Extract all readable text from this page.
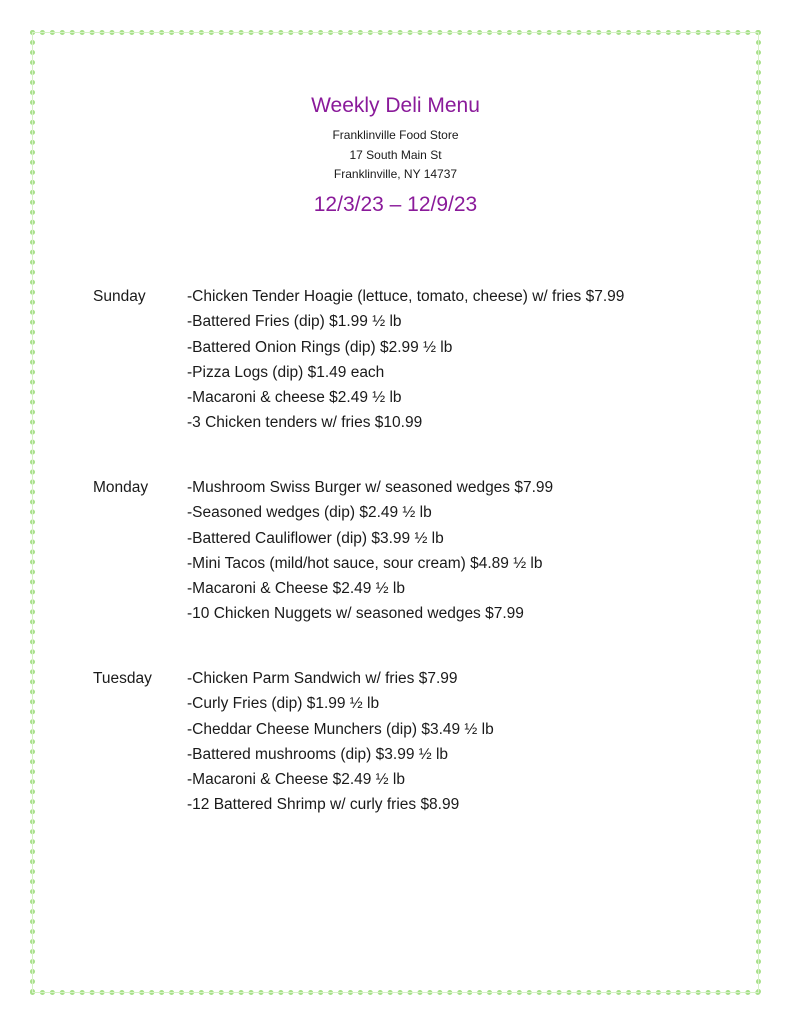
Weekly Deli Menu
Franklinville Food Store
17 South Main St
Franklinville, NY 14737
12/3/23 – 12/9/23
Sunday	-Chicken Tender Hoagie (lettuce, tomato, cheese) w/ fries $7.99
-Battered Fries (dip) $1.99 ½ lb
-Battered Onion Rings (dip) $2.99 ½ lb
-Pizza Logs (dip) $1.49 each
-Macaroni & cheese $2.49 ½ lb
-3 Chicken tenders w/ fries $10.99
Monday	-Mushroom Swiss Burger w/ seasoned wedges $7.99
-Seasoned wedges (dip) $2.49 ½ lb
-Battered Cauliflower (dip) $3.99 ½ lb
-Mini Tacos (mild/hot sauce, sour cream) $4.89 ½ lb
-Macaroni & Cheese $2.49 ½ lb
-10 Chicken Nuggets w/ seasoned wedges $7.99
Tuesday -Chicken Parm Sandwich w/ fries $7.99
-Curly Fries (dip) $1.99 ½ lb
-Cheddar Cheese Munchers (dip) $3.49 ½ lb
-Battered mushrooms (dip) $3.99 ½ lb
-Macaroni & Cheese $2.49 ½ lb
-12 Battered Shrimp w/ curly fries $8.99
